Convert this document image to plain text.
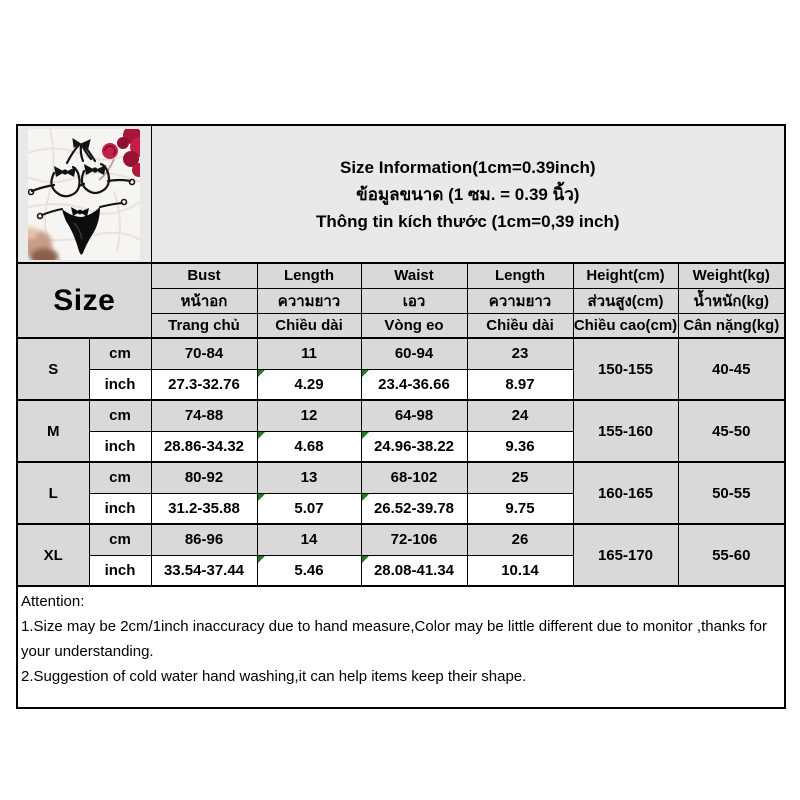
Size Information(1cm=0.39inch)
ข้อมูลขนาด (1 ซม. = 0.39 นิ้ว)
Thông tin kích thước (1cm=0,39 inch)					

Size		Bust	Length	Waist	Length	Height(cm)	Weight(kg)
		หน้าอก	ความยาว	เอว	ความยาว	ส่วนสูง(cm)	น้ำหนัก(kg)
		Trang chủ	Chiều dài	Vòng eo	Chiều dài	Chiều cao(cm)	Cân nặng(kg)
S	cm	70-84	11	60-94	23	150-155	40-45
	inch	27.3-32.76	4.29	23.4-36.66	8.97		
M	cm	74-88	12	64-98	24	155-160	45-50
	inch	28.86-34.32	4.68	24.96-38.22	9.36		
L	cm	80-92	13	68-102	25	160-165	50-55
	inch	31.2-35.88	5.07	26.52-39.78	9.75		
XL	cm	86-96	14	72-106	26	165-170	55-60
	inch	33.54-37.44	5.46	28.08-41.34	10.14		

Attention:
1.Size may be 2cm/1inch inaccuracy due to hand measure,Color may be little different due to monitor ,thanks for your understanding.
2.Suggestion of cold water hand washing,it can help items keep their shape.							
